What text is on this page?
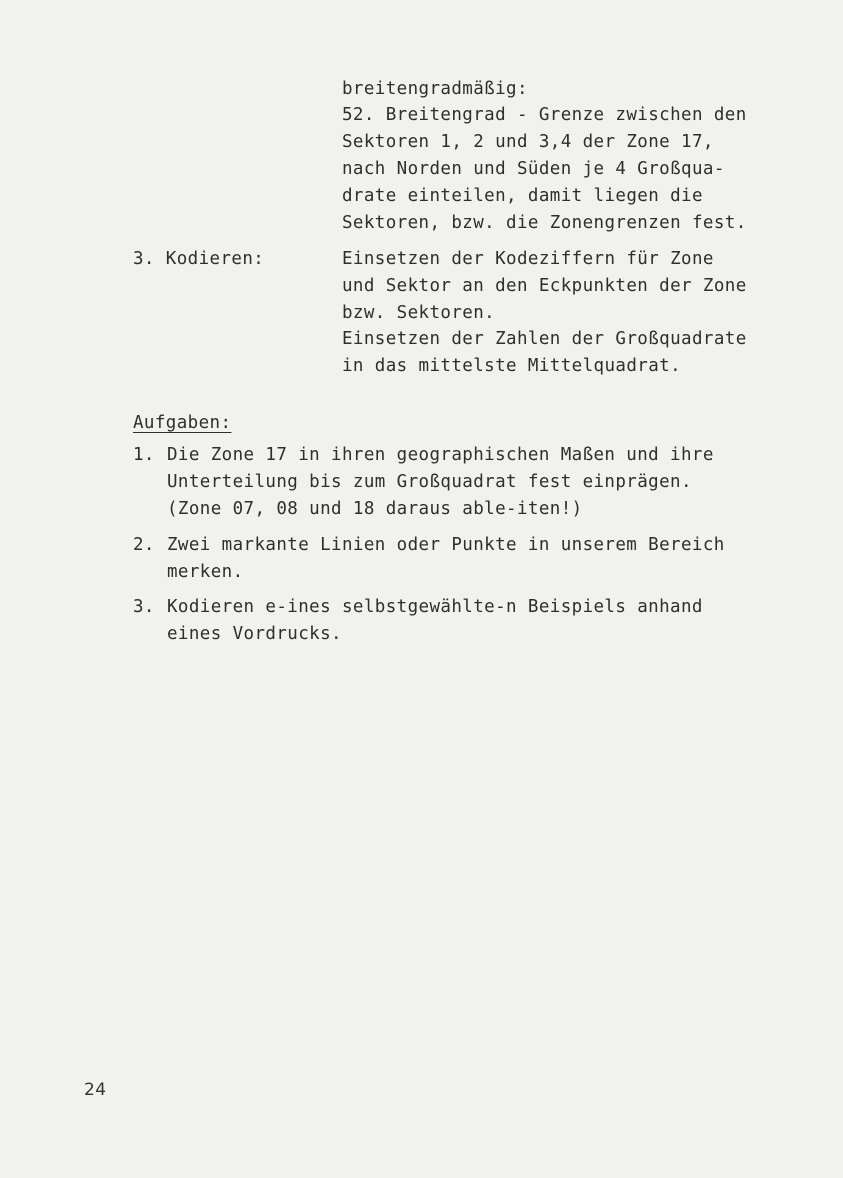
breitengradmäßig:
52. Breitengrad - Grenze zwischen den
Sektoren 1, 2 und 3,4 der Zone 17,
nach Norden und Süden je 4 Großqua-
drate einteilen, damit liegen die
Sektoren, bzw. die Zonengrenzen fest.
3. Kodieren:	Einsetzen der Kodeziffern für Zone
und Sektor an den Eckpunkten der Zone
bzw. Sektoren.
Einsetzen der Zahlen der Großquadrate
in das mittelste Mittelquadrat.
Aufgaben:
1. Die Zone 17 in ihren geographischen Maßen und ihre
Unterteilung bis zum Großquadrat fest einprägen.
(Zone 07, 08 und 18 daraus able-iten!)
2. Zwei markante Linien oder Punkte in unserem Bereich
merken.
3. Kodieren e-ines selbstgewählte-n Beispiels anhand
eines Vordrucks.
24
